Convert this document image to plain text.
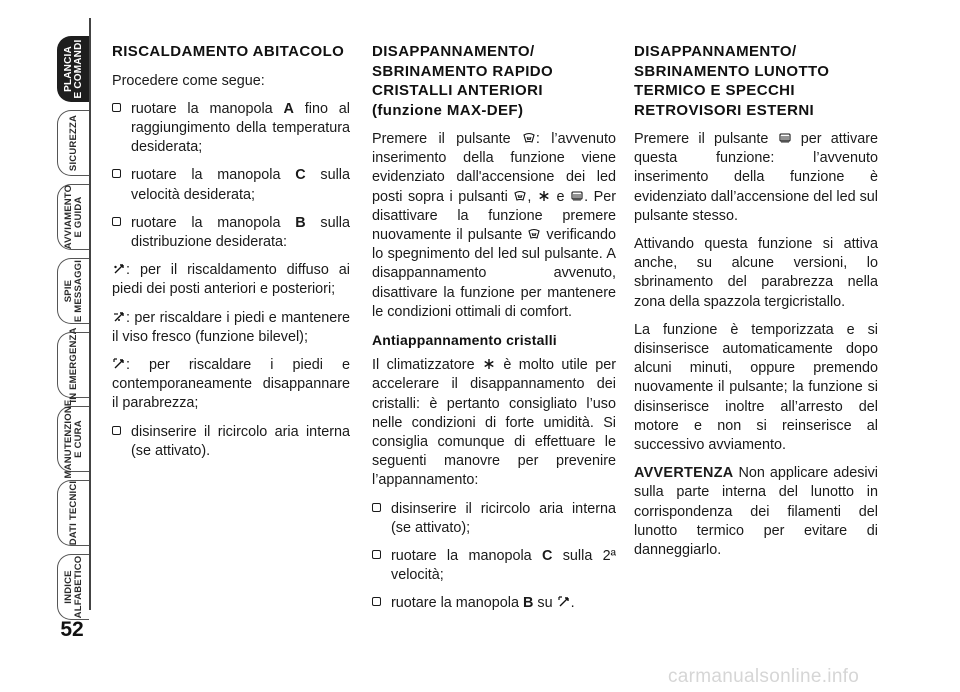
PLANCIA
E COMANDI
SICUREZZA
AVVIAMENTO
E GUIDA
SPIE
E MESSAGGI
IN EMERGENZA
MANUTENZIONE
E CURA
DATI TECNICI
INDICE
ALFABETICO
52
RISCALDAMENTO ABITACOLO

Procedere come segue:

ruotare la manopola A fino al raggiungimento della temperatura desiderata;
ruotare la manopola C sulla velocità desiderata;
ruotare la manopola B sulla distribuzione desiderata:

: per il riscaldamento diffuso ai piedi dei posti anteriori e posteriori;

: per riscaldare i piedi e mantenere il viso fresco (funzione bilevel);

: per riscaldare i piedi e contemporaneamente disappannare il parabrezza;

disinserire il ricircolo aria interna (se attivato).
DISAPPANNAMENTO/ SBRINAMENTO RAPIDO CRISTALLI ANTERIORI (funzione MAX-DEF)

Premere il pulsante : l’avvenuto inserimento della funzione viene evidenziato dall'accensione dei led posti sopra i pulsanti ,  e . Per disattivare la funzione premere nuovamente il pulsante  verificando lo spegnimento del led sul pulsante. A disappannamento avvenuto, disattivare la funzione per mantenere le condizioni ottimali di comfort.

Antiappannamento cristalli

Il climatizzatore  è molto utile per accelerare il disappannamento dei cristalli: è pertanto consigliato l’uso nelle condizioni di forte umidità. Si consiglia comunque di effettuare le seguenti manovre per prevenire l’appannamento:

disinserire il ricircolo aria interna (se attivato);
ruotare la manopola C sulla 2ª velocità;
ruotare la manopola B su .
DISAPPANNAMENTO/ SBRINAMENTO LUNOTTO TERMICO E SPECCHI RETROVISORI ESTERNI

Premere il pulsante  per attivare questa funzione: l’avvenuto inserimento della funzione è evidenziato dall’accensione del led sul pulsante stesso.

Attivando questa funzione si attiva anche, su alcune versioni, lo sbrinamento del parabrezza nella zona della spazzola tergicristallo.

La funzione è temporizzata e si disinserisce automaticamente dopo alcuni minuti, oppure premendo nuovamente il pulsante; la funzione si disinserisce inoltre all’arresto del motore e non si reinserisce al successivo avviamento.

AVVERTENZA Non applicare adesivi sulla parte interna del lunotto in corrispondenza dei filamenti del lunotto termico per evitare di danneggiarlo.

carmanualsonline.info
